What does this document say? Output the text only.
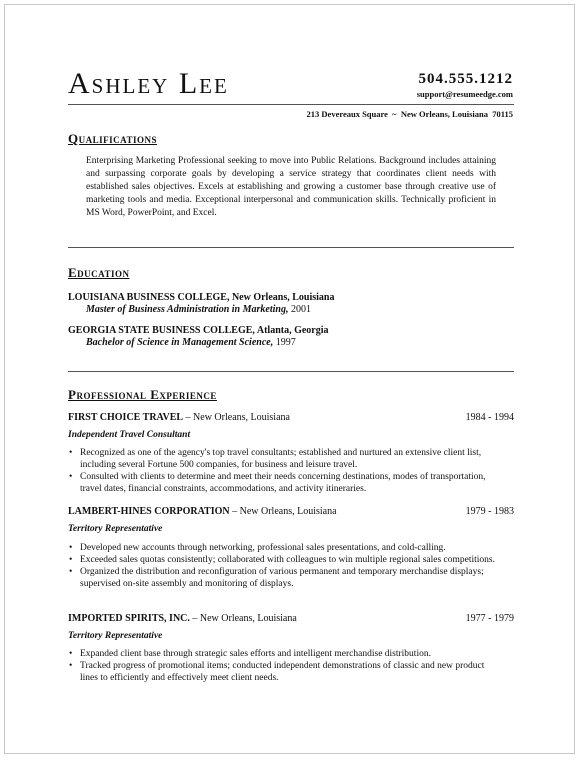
Ashley Lee	504.555.1212
support@resumeedge.com
213 Devereaux Square  ~  New Orleans, Louisiana  70115
Qualifications

Enterprising Marketing Professional seeking to move into Public Relations. Background includes attaining and surpassing corporate goals by developing a service strategy that coordinates client needs with established sales objectives. Excels at establishing and growing a customer base through creative use of marketing tools and media. Exceptional interpersonal and communication skills. Technically proficient in MS Word, PowerPoint, and Excel.

Education
LOUISIANA BUSINESS COLLEGE, New Orleans, Louisiana
Master of Business Administration in Marketing, 2001
GEORGIA STATE BUSINESS COLLEGE, Atlanta, Georgia
Bachelor of Science in Management Science, 1997
Professional Experience
FIRST CHOICE TRAVEL – New Orleans, Louisiana	1984 - 1994
Independent Travel Consultant
• Recognized as one of the agency's top travel consultants; established and nurtured an extensive client list, including several Fortune 500 companies, for business and leisure travel.
• Consulted with clients to determine and meet their needs concerning destinations, modes of transportation, travel dates, financial constraints, accommodations, and activity itineraries.
LAMBERT-HINES CORPORATION – New Orleans, Louisiana	1979 - 1983
Territory Representative
• Developed new accounts through networking, professional sales presentations, and cold-calling.
• Exceeded sales quotas consistently; collaborated with colleagues to win multiple regional sales competitions.
• Organized the distribution and reconfiguration of various permanent and temporary merchandise displays; supervised on-site assembly and monitoring of displays.
IMPORTED SPIRITS, INC. – New Orleans, Louisiana	1977 - 1979
Territory Representative
• Expanded client base through strategic sales efforts and intelligent merchandise distribution.
• Tracked progress of promotional items; conducted independent demonstrations of classic and new product lines to efficiently and effectively meet client needs.
